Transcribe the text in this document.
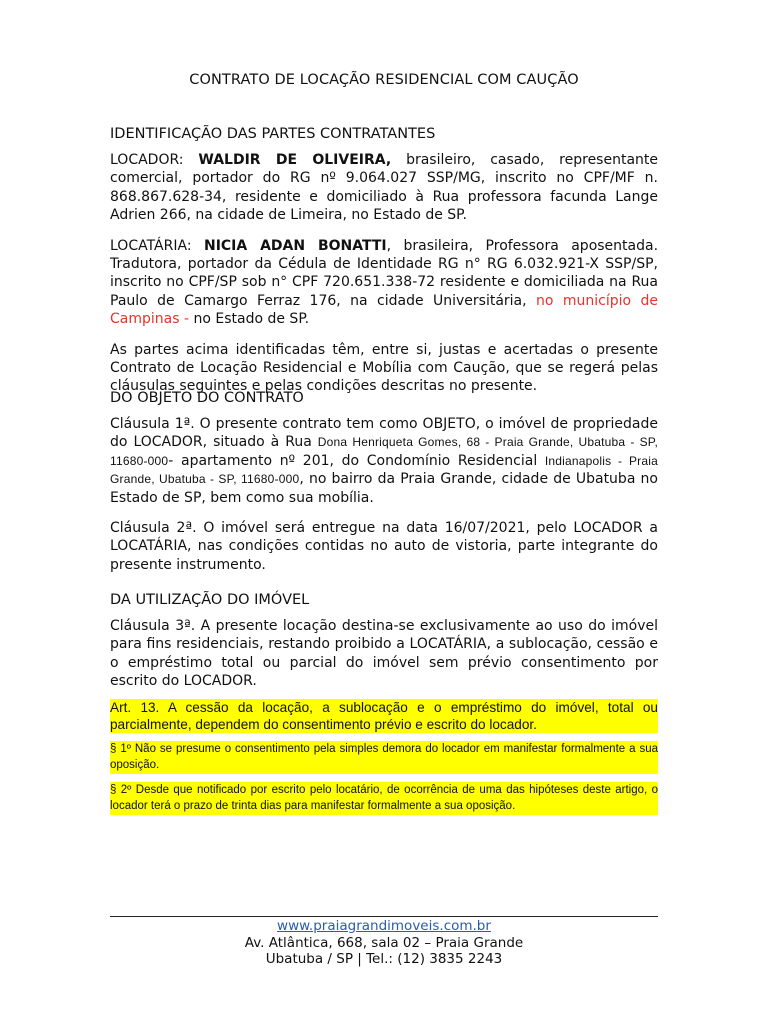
CONTRATO DE LOCAÇÃO RESIDENCIAL COM CAUÇÃO

IDENTIFICAÇÃO DAS PARTES CONTRATANTES

LOCADOR: WALDIR DE OLIVEIRA, brasileiro, casado, representante comercial, portador do RG nº 9.064.027 SSP/MG, inscrito no CPF/MF n. 868.867.628-34, residente e domiciliado à Rua professora facunda Lange Adrien 266, na cidade de Limeira, no Estado de SP.

LOCATÁRIA: NICIA ADAN BONATTI, brasileira, Professora aposentada. Tradutora, portador da Cédula de Identidade RG n° RG 6.032.921-X SSP/SP, inscrito no CPF/SP sob n° CPF 720.651.338-72 residente e domiciliada na Rua Paulo de Camargo Ferraz 176, na cidade Universitária, no município de Campinas - no Estado de SP.

As partes acima identificadas têm, entre si, justas e acertadas o presente Contrato de Locação Residencial e Mobília com Caução, que se regerá pelas cláusulas seguintes e pelas condições descritas no presente.

DO OBJETO DO CONTRATO

Cláusula 1ª. O presente contrato tem como OBJETO, o imóvel de propriedade do LOCADOR, situado à Rua Dona Henriqueta Gomes, 68 - Praia Grande, Ubatuba - SP, 11680-000- apartamento nº 201, do Condomínio Residencial Indianapolis - Praia Grande, Ubatuba - SP, 11680-000, no bairro da Praia Grande, cidade de Ubatuba no Estado de SP, bem como sua mobília.

Cláusula 2ª. O imóvel será entregue na data 16/07/2021, pelo LOCADOR a LOCATÁRIA, nas condições contidas no auto de vistoria, parte integrante do presente instrumento.

DA UTILIZAÇÃO DO IMÓVEL

Cláusula 3ª. A presente locação destina-se exclusivamente ao uso do imóvel para fins residenciais, restando proibido a LOCATÁRIA, a sublocação, cessão e o empréstimo total ou parcial do imóvel sem prévio consentimento por escrito do LOCADOR.

Art. 13. A cessão da locação, a sublocação e o empréstimo do imóvel, total ou parcialmente, dependem do consentimento prévio e escrito do locador.

§ 1º Não se presume o consentimento pela simples demora do locador em manifestar formalmente a sua oposição.

§ 2º Desde que notificado por escrito pelo locatário, de ocorrência de uma das hipóteses deste artigo, o locador terá o prazo de trinta dias para manifestar formalmente a sua oposição.

www.praiagrandimoveis.com.br
Av. Atlântica, 668, sala 02 – Praia Grande
Ubatuba / SP | Tel.: (12) 3835 2243
